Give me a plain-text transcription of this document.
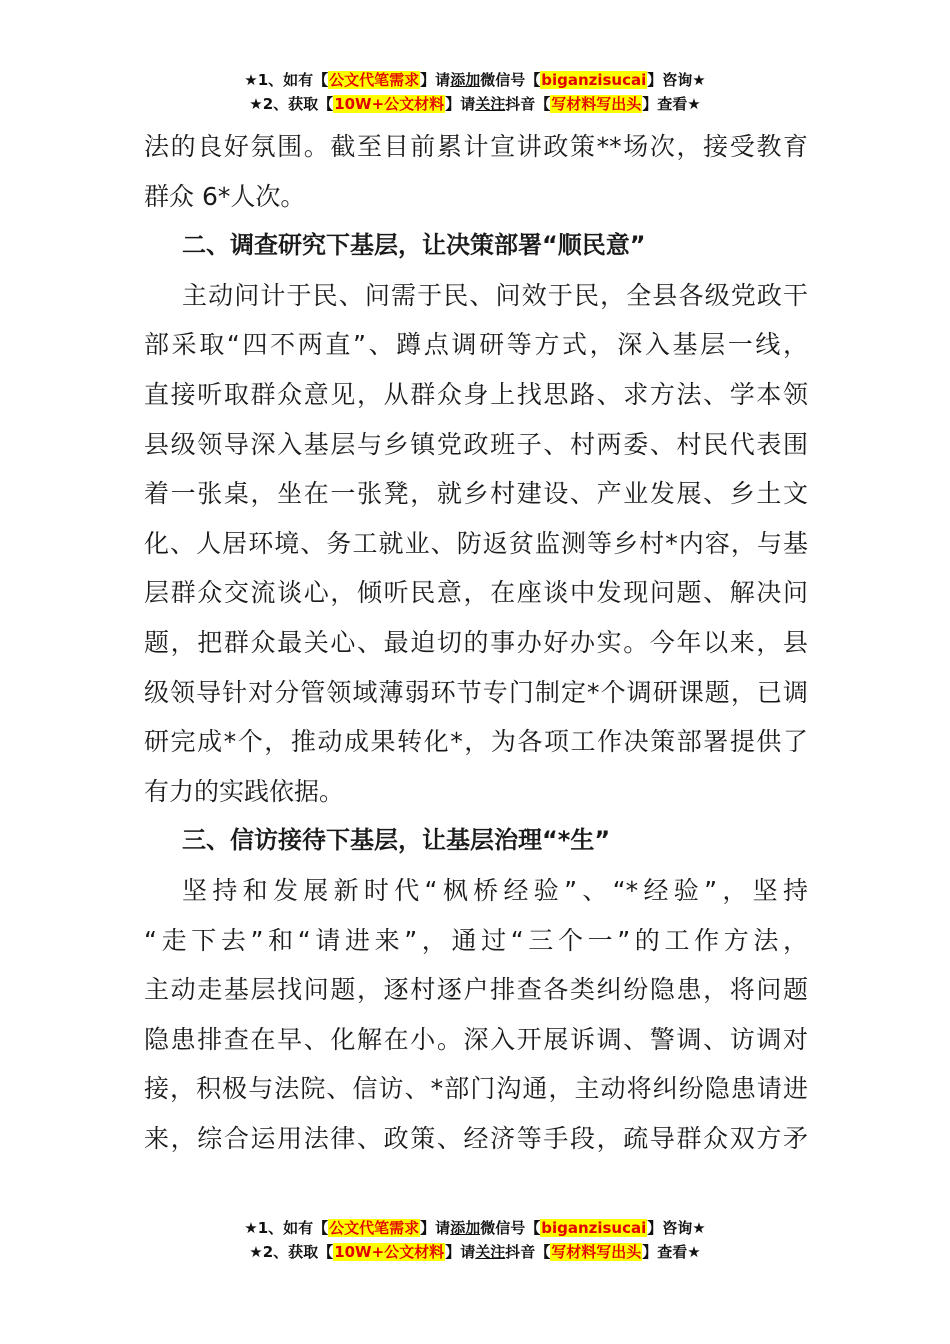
★1、如有【公文代笔需求】请添加微信号【biganzisucai】咨询★
★2、获取【10W+公文材料】请关注抖音【写材料写出头】查看★
法的良好氛围。截至目前累计宣讲政策**场次，接受教育
群众 6*人次。
二、调查研究下基层，让决策部署“顺民意”
主动问计于民、问需于民、问效于民，全县各级党政干
部采取“四不两直”、蹲点调研等方式，深入基层一线，
直接听取群众意见，从群众身上找思路、求方法、学本领
县级领导深入基层与乡镇党政班子、村两委、村民代表围
着一张桌，坐在一张凳，就乡村建设、产业发展、乡土文
化、人居环境、务工就业、防返贫监测等乡村*内容，与基
层群众交流谈心，倾听民意，在座谈中发现问题、解决问
题，把群众最关心、最迫切的事办好办实。今年以来，县
级领导针对分管领域薄弱环节专门制定*个调研课题，已调
研完成*个，推动成果转化*，为各项工作决策部署提供了
有力的实践依据。
三、信访接待下基层，让基层治理“*生”
坚持和发展新时代“枫桥经验”、“*经验”，坚持
“走下去”和“请进来”，通过“三个一”的工作方法，
主动走基层找问题，逐村逐户排查各类纠纷隐患，将问题
隐患排查在早、化解在小。深入开展诉调、警调、访调对
接，积极与法院、信访、*部门沟通，主动将纠纷隐患请进
来，综合运用法律、政策、经济等手段，疏导群众双方矛
★1、如有【公文代笔需求】请添加微信号【biganzisucai】咨询★
★2、获取【10W+公文材料】请关注抖音【写材料写出头】查看★
